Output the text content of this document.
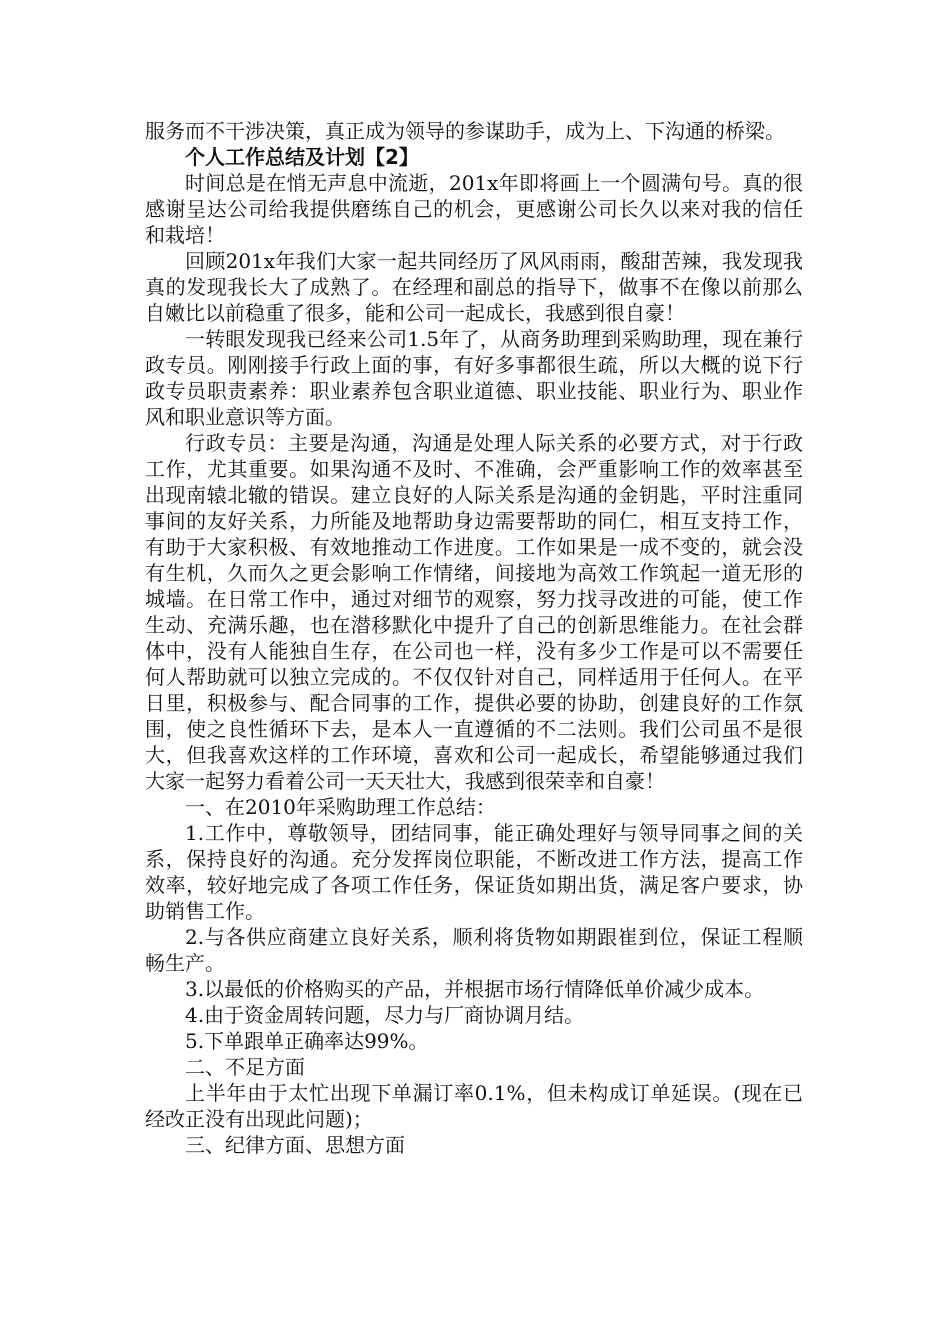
服务而不干涉决策，真正成为领导的参谋助手，成为上、下沟通的桥梁。

个人工作总结及计划【2】

时间总是在悄无声息中流逝，201x年即将画上一个圆满句号。真的很感谢呈达公司给我提供磨练自己的机会，更感谢公司长久以来对我的信任和栽培！

回顾201x年我们大家一起共同经历了风风雨雨，酸甜苦辣，我发现我真的发现我长大了成熟了。在经理和副总的指导下，做事不在像以前那么自嫩比以前稳重了很多，能和公司一起成长，我感到很自豪！

一转眼发现我已经来公司1.5年了，从商务助理到采购助理，现在兼行政专员。刚刚接手行政上面的事，有好多事都很生疏，所以大概的说下行政专员职责素养：职业素养包含职业道德、职业技能、职业行为、职业作风和职业意识等方面。

行政专员：主要是沟通，沟通是处理人际关系的必要方式，对于行政工作，尤其重要。如果沟通不及时、不准确，会严重影响工作的效率甚至出现南辕北辙的错误。建立良好的人际关系是沟通的金钥匙，平时注重同事间的友好关系，力所能及地帮助身边需要帮助的同仁，相互支持工作，有助于大家积极、有效地推动工作进度。工作如果是一成不变的，就会没有生机，久而久之更会影响工作情绪，间接地为高效工作筑起一道无形的城墙。在日常工作中，通过对细节的观察，努力找寻改进的可能，使工作生动、充满乐趣，也在潜移默化中提升了自己的创新思维能力。在社会群体中，没有人能独自生存，在公司也一样，没有多少工作是可以不需要任何人帮助就可以独立完成的。不仅仅针对自己，同样适用于任何人。在平日里，积极参与、配合同事的工作，提供必要的协助，创建良好的工作氛围，使之良性循环下去，是本人一直遵循的不二法则。我们公司虽不是很大，但我喜欢这样的工作环境，喜欢和公司一起成长，希望能够通过我们大家一起努力看着公司一天天壮大，我感到很荣幸和自豪！

一、在2010年采购助理工作总结：

1.工作中，尊敬领导，团结同事，能正确处理好与领导同事之间的关系，保持良好的沟通。充分发挥岗位职能，不断改进工作方法，提高工作效率，较好地完成了各项工作任务，保证货如期出货，满足客户要求，协助销售工作。

2.与各供应商建立良好关系，顺利将货物如期跟崔到位，保证工程顺畅生产。

3.以最低的价格购买的产品，并根据市场行情降低单价减少成本。

4.由于资金周转问题，尽力与厂商协调月结。

5.下单跟单正确率达99%。

二、不足方面

上半年由于太忙出现下单漏订率0.1%，但未构成订单延误。(现在已经改正没有出现此问题)；

三、纪律方面、思想方面
